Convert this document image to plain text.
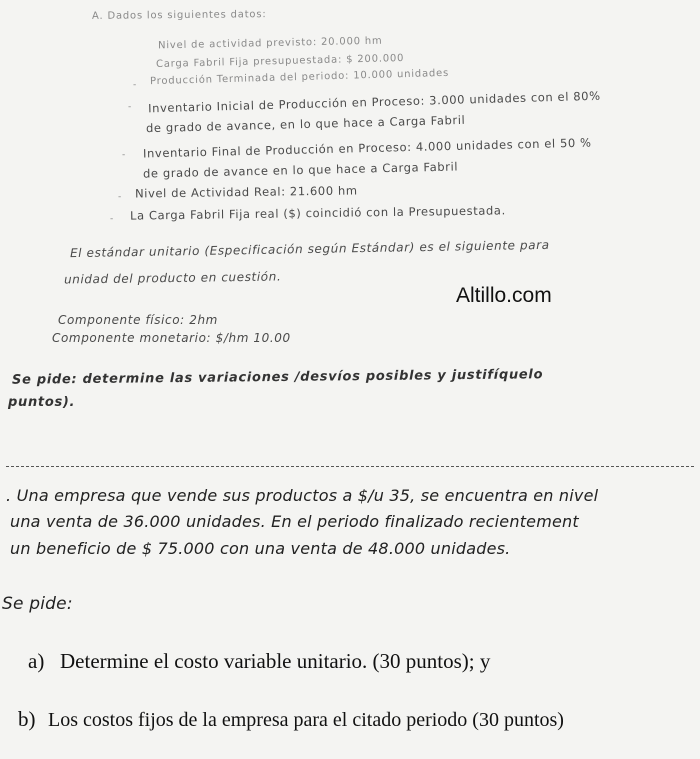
A. Dados los siguientes datos:
Nivel de actividad previsto: 20.000 hm
Carga Fabril Fija presupuestada: $ 200.000
- Producción Terminada del periodo: 10.000 unidades
- Inventario Inicial de Producción en Proceso: 3.000 unidades con el 80%
de grado de avance, en lo que hace a Carga Fabril
- Inventario Final de Producción en Proceso: 4.000 unidades con el 50 %
de grado de avance en lo que hace a Carga Fabril
- Nivel de Actividad Real: 21.600 hm
- La Carga Fabril Fija real ($) coincidió con la Presupuestada.
El estándar unitario (Especificación según Estándar) es el siguiente para
unidad del producto en cuestión.
Altillo.com
Componente físico: 2hm
Componente monetario: $/hm 10.00
Se pide: determine las variaciones /desvíos posibles y justifíquelo
puntos).
. Una empresa que vende sus productos a $/u 35, se encuentra en nivel
una venta de 36.000 unidades. En el periodo finalizado recientement
un beneficio de $ 75.000 con una venta de 48.000 unidades.
Se pide:
a) Determine el costo variable unitario. (30 puntos); y
b) Los costos fijos de la empresa para el citado periodo (30 puntos)
